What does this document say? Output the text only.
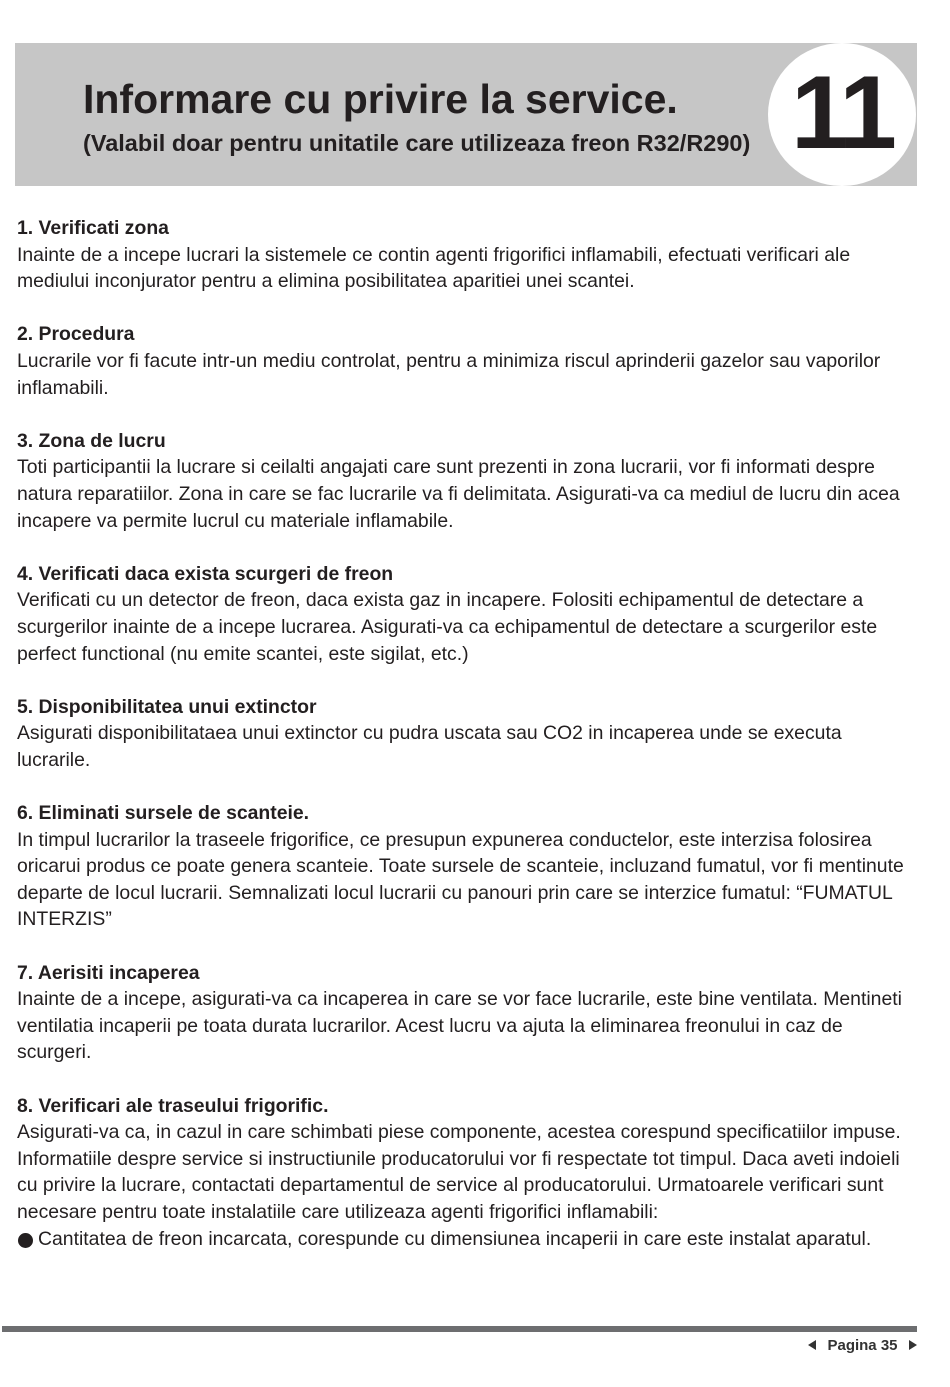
Informare cu privire la service.
(Valabil doar pentru unitatile care utilizeaza freon R32/R290) 11
1. Verificati zona
Inainte de a incepe lucrari la sistemele ce contin agenti frigorifici inflamabili, efectuati verificari ale mediului inconjurator pentru a elimina posibilitatea aparitiei unei scantei.
2. Procedura
Lucrarile vor fi facute intr-un mediu controlat, pentru a minimiza riscul aprinderii gazelor sau vaporilor inflamabili.
3. Zona de lucru
Toti participantii la lucrare si ceilalti angajati care sunt prezenti in zona lucrarii, vor fi informati despre natura reparatiilor. Zona in care se fac lucrarile va fi delimitata. Asigurati-va ca mediul de lucru din acea incapere va permite lucrul cu materiale inflamabile.
4. Verificati daca exista scurgeri de freon
Verificati cu un detector de freon, daca exista gaz in incapere. Folositi echipamentul de detectare a scurgerilor inainte de a incepe lucrarea. Asigurati-va ca echipamentul de detectare a scurgerilor este perfect functional (nu emite scantei, este sigilat, etc.)
5. Disponibilitatea unui extinctor
Asigurati disponibilitataea unui extinctor cu pudra uscata sau CO2 in incaperea unde se executa lucrarile.
6. Eliminati sursele de scanteie.
In timpul lucrarilor la traseele frigorifice, ce presupun expunerea conductelor, este interzisa folosirea oricarui produs ce poate genera scanteie. Toate sursele de scanteie, incluzand fumatul, vor fi mentinute departe de locul lucrarii. Semnalizati locul lucrarii cu panouri prin care se interzice fumatul: “FUMATUL INTERZIS”
7. Aerisiti incaperea
Inainte de a incepe, asigurati-va ca incaperea in care se vor face lucrarile, este bine ventilata. Mentineti ventilatia incaperii pe toata durata lucrarilor. Acest lucru va ajuta la eliminarea freonului in caz de scurgeri.
8. Verificari ale traseului frigorific.
Asigurati-va ca, in cazul in care schimbati piese componente, acestea corespund specificatiilor impuse. Informatiile despre service si instructiunile producatorului vor fi respectate tot timpul. Daca aveti indoieli cu privire la lucrare, contactati departamentul de service al producatorului. Urmatoarele verificari sunt necesare pentru toate instalatiile care utilizeaza agenti frigorifici inflamabili:
Cantitatea de freon incarcata, corespunde cu dimensiunea incaperii in care este instalat aparatul.
Pagina 35
